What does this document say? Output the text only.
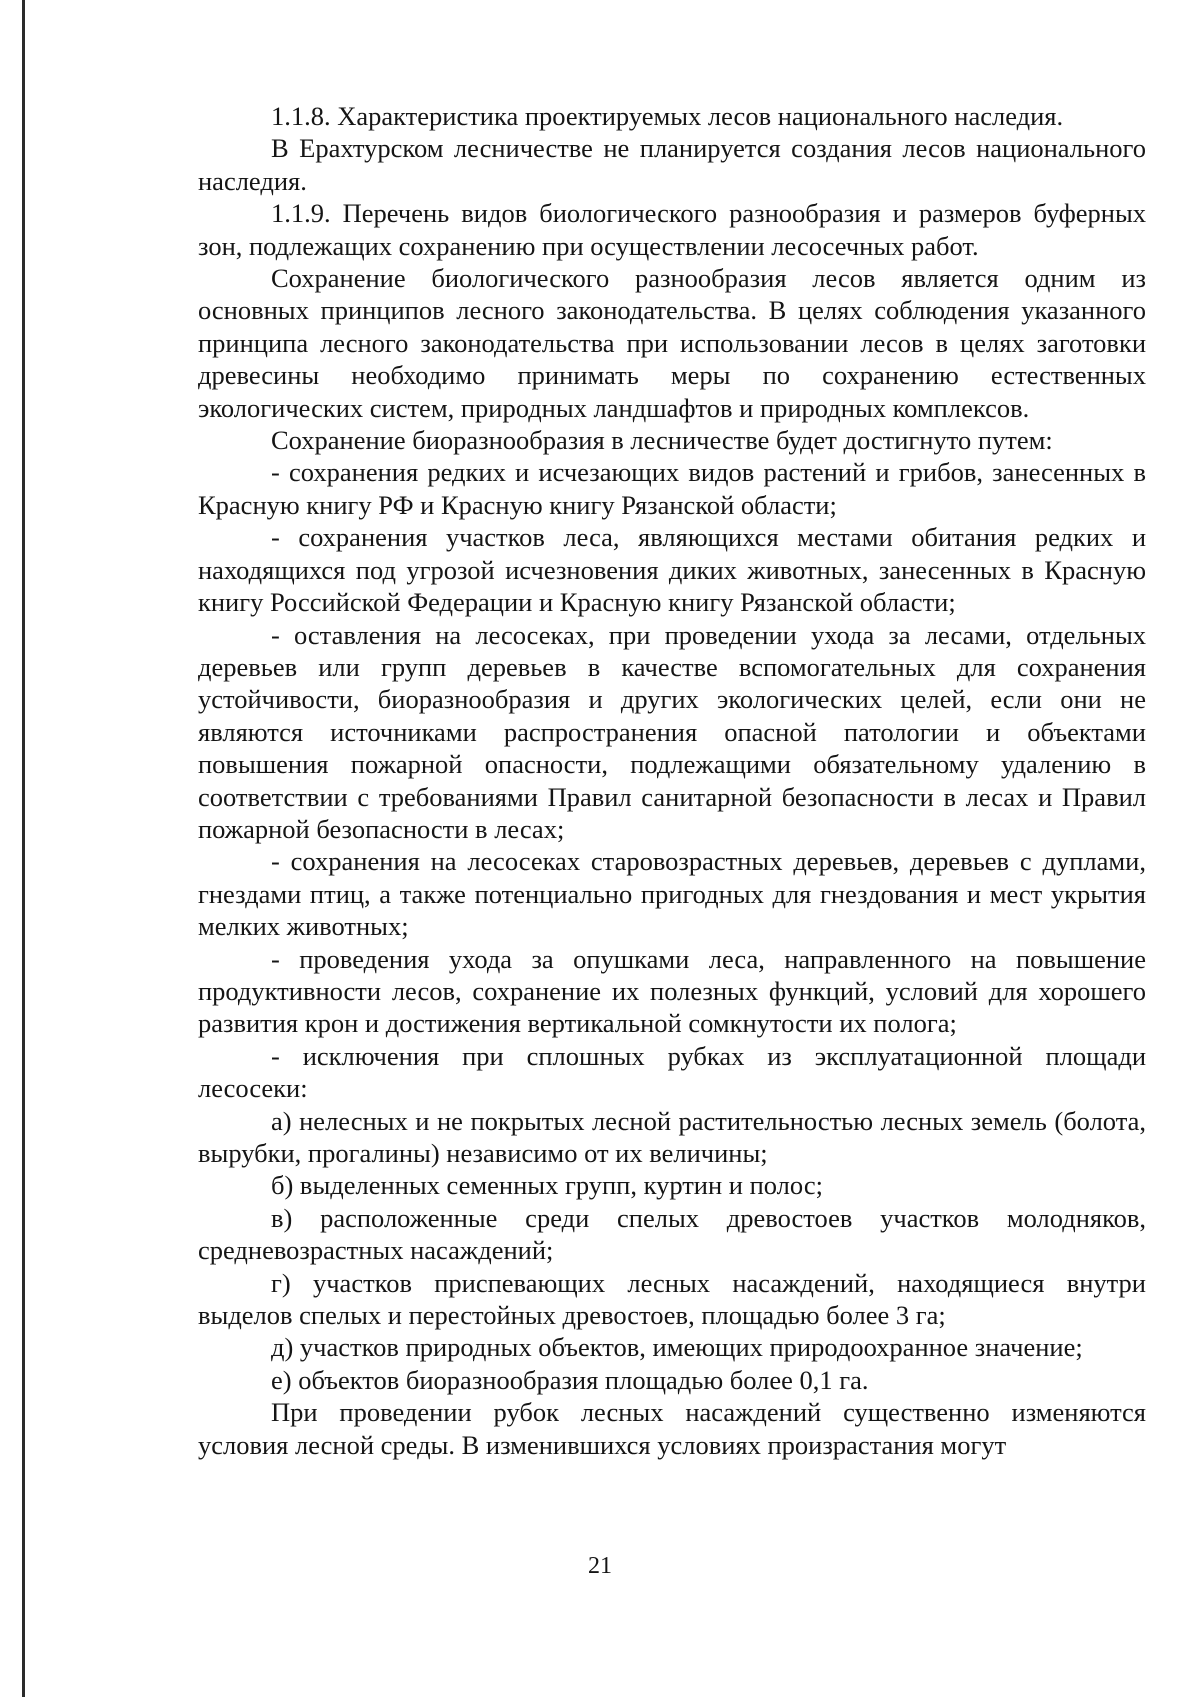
1.1.8. Характеристика проектируемых лесов национального наследия.

В Ерахтурском лесничестве не планируется создания лесов национального наследия.

1.1.9. Перечень видов биологического разнообразия и размеров буферных зон, подлежащих сохранению при осуществлении лесосечных работ.

Сохранение биологического разнообразия лесов является одним из основных принципов лесного законодательства. В целях соблюдения указанного принципа лесного законодательства при использовании лесов в целях заготовки древесины необходимо принимать меры по сохранению естественных экологических систем, природных ландшафтов и природных комплексов.

Сохранение биоразнообразия в лесничестве будет достигнуто путем:

- сохранения редких и исчезающих видов растений и грибов, занесенных в Красную книгу РФ и Красную книгу Рязанской области;

- сохранения участков леса, являющихся местами обитания редких и находящихся под угрозой исчезновения диких животных, занесенных в Красную книгу Российской Федерации и Красную книгу Рязанской области;

- оставления на лесосеках, при проведении ухода за лесами, отдельных деревьев или групп деревьев в качестве вспомогательных для сохранения устойчивости, биоразнообразия и других экологических целей, если они не являются источниками распространения опасной патологии и объектами повышения пожарной опасности, подлежащими обязательному удалению в соответствии с требованиями Правил санитарной безопасности в лесах и Правил пожарной безопасности в лесах;

- сохранения на лесосеках старовозрастных деревьев, деревьев с дуплами, гнездами птиц, а также потенциально пригодных для гнездования и мест укрытия мелких животных;

- проведения ухода за опушками леса, направленного на повышение продуктивности лесов, сохранение их полезных функций, условий для хорошего развития крон и достижения вертикальной сомкнутости их полога;

- исключения при сплошных рубках из эксплуатационной площади лесосеки:

а) нелесных и не покрытых лесной растительностью лесных земель (болота, вырубки, прогалины) независимо от их величины;

б) выделенных семенных групп, куртин и полос;

в) расположенные среди спелых древостоев участков молодняков, средневозрастных насаждений;

г) участков приспевающих лесных насаждений, находящиеся внутри выделов спелых и перестойных древостоев, площадью более 3 га;

д) участков природных объектов, имеющих природоохранное значение;

е) объектов биоразнообразия площадью более 0,1 га.

При проведении рубок лесных насаждений существенно изменяются условия лесной среды. В изменившихся условиях произрастания могут

21
